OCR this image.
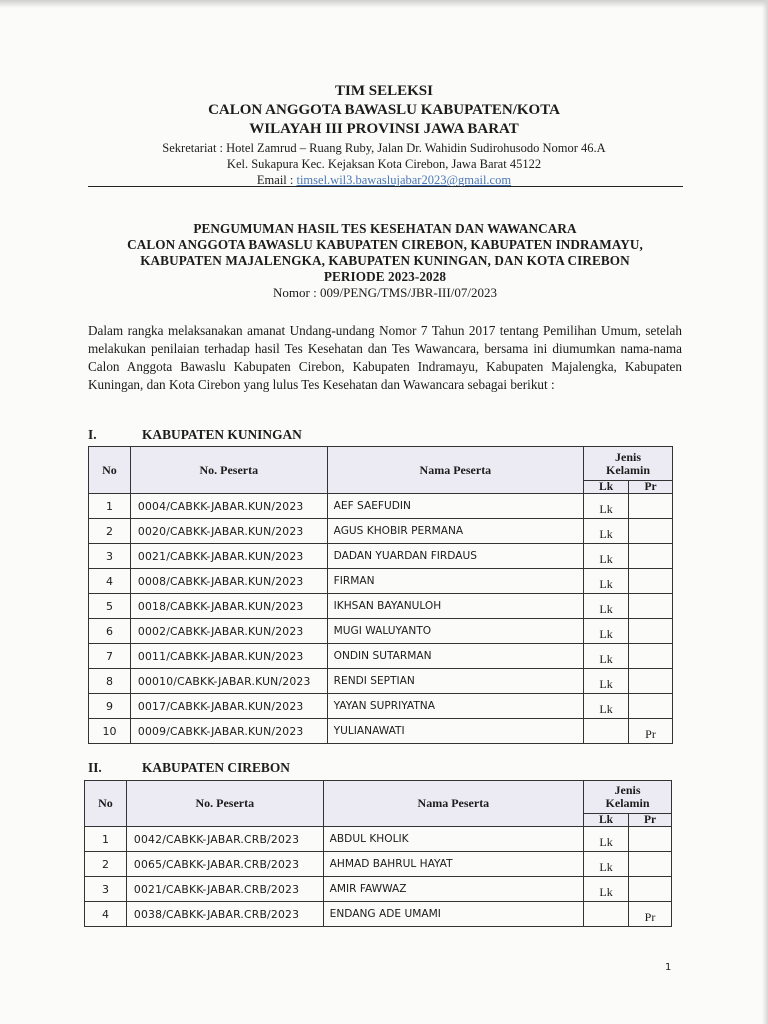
TIM SELEKSI
CALON ANGGOTA BAWASLU KABUPATEN/KOTA
WILAYAH III PROVINSI JAWA BARAT
Sekretariat : Hotel Zamrud – Ruang Ruby, Jalan Dr. Wahidin Sudirohusodo Nomor 46.A
Kel. Sukapura Kec. Kejaksan Kota Cirebon, Jawa Barat 45122
Email : timsel.wil3.bawaslujabar2023@gmail.com
PENGUMUMAN HASIL TES KESEHATAN DAN WAWANCARA
CALON ANGGOTA BAWASLU KABUPATEN CIREBON, KABUPATEN INDRAMAYU,
KABUPATEN MAJALENGKA, KABUPATEN KUNINGAN, DAN KOTA CIREBON
PERIODE 2023-2028
Nomor : 009/PENG/TMS/JBR-III/07/2023
Dalam rangka melaksanakan amanat Undang-undang Nomor 7 Tahun 2017 tentang Pemilihan Umum, setelah melakukan penilaian terhadap hasil Tes Kesehatan dan Tes Wawancara, bersama ini diumumkan nama-nama Calon Anggota Bawaslu Kabupaten Cirebon, Kabupaten Indramayu, Kabupaten Majalengka, Kabupaten Kuningan, dan Kota Cirebon yang lulus Tes Kesehatan dan Wawancara sebagai berikut :
I.	KABUPATEN KUNINGAN
No	No. Peserta	Nama Peserta	Jenis
Kelamin	

			Lk	Pr
1	0004/CABKK-JABAR.KUN/2023	AEF SAEFUDIN	Lk	
2	0020/CABKK-JABAR.KUN/2023	AGUS KHOBIR PERMANA	Lk	
3	0021/CABKK-JABAR.KUN/2023	DADAN YUARDAN FIRDAUS	Lk	
4	0008/CABKK-JABAR.KUN/2023	FIRMAN	Lk	
5	0018/CABKK-JABAR.KUN/2023	IKHSAN BAYANULOH	Lk	
6	0002/CABKK-JABAR.KUN/2023	MUGI WALUYANTO	Lk	
7	0011/CABKK-JABAR.KUN/2023	ONDIN SUTARMAN	Lk	
8	00010/CABKK-JABAR.KUN/2023	RENDI SEPTIAN	Lk	
9	0017/CABKK-JABAR.KUN/2023	YAYAN SUPRIYATNA	Lk	
10	0009/CABKK-JABAR.KUN/2023	YULIANAWATI		Pr
II.	KABUPATEN CIREBON
No	No. Peserta	Nama Peserta	Jenis
Kelamin	

			Lk	Pr
1	0042/CABKK-JABAR.CRB/2023	ABDUL KHOLIK	Lk	
2	0065/CABKK-JABAR.CRB/2023	AHMAD BAHRUL HAYAT	Lk	
3	0021/CABKK-JABAR.CRB/2023	AMIR FAWWAZ	Lk	
4	0038/CABKK-JABAR.CRB/2023	ENDANG ADE UMAMI		Pr
1
